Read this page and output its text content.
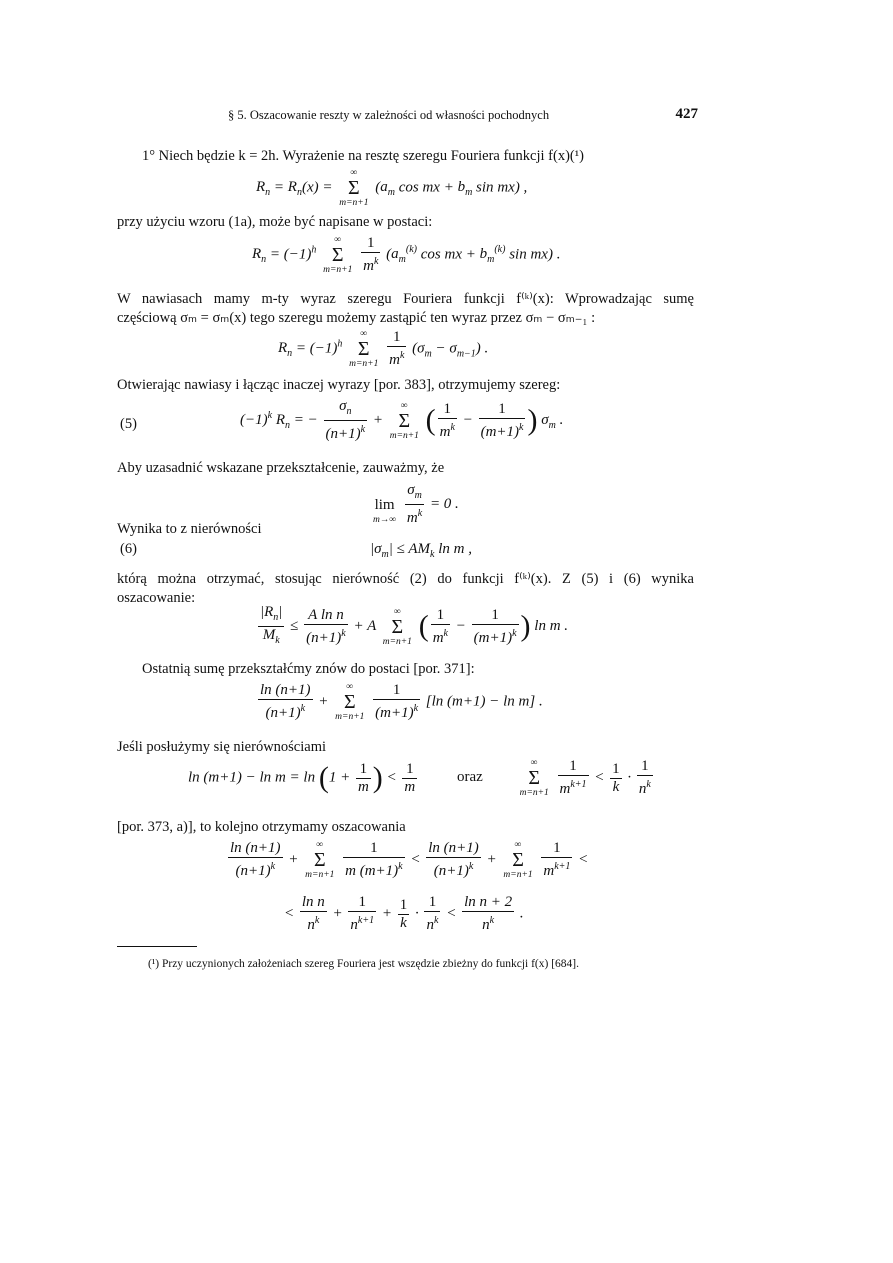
§ 5. Oszacowanie reszty w zależności od własności pochodnych	427
1° Niech będzie k = 2h. Wyrażenie na resztę szeregu Fouriera funkcji f(x)(¹)
$R_n = R_n(x)$ =
∞
Σ
m=n+1
($a_m$ cos mx + $b_m$ sin mx) ,
przy użyciu wzoru (1a), może być napisane w postaci:
$R_n = (-1)^h$
∞
Σ
m=n+1
$\frac{1}{m^k} (a_m^{(k)}$ cos mx + $b_m^{(k)}$ sin mx) .
W nawiasach mamy m-ty wyraz szeregu Fouriera funkcji f⁽ᵏ⁾(x): Wprowadzając sumę
częściową σₘ = σₘ(x) tego szeregu możemy zastąpić ten wyraz przez σₘ − σₘ₋₁ :
$R_n = (-1)^h$
∞
Σ
m=n+1
$\frac{1}{m^k} (\sigma_m - \sigma_{m-1})$ .
Otwierając nawiasy i łącząc inaczej wyrazy [por. 383], otrzymujemy szereg:
(5)	$(-1)^k$ $R_n$ = − $\frac{\sigma_n}{(n+1)^k}$ +
∞
Σ
m=n+1 ( $\frac{1}{m^k} - \frac{1}{(m+1)^k}$ ) $\sigma_m$ .
Aby uzasadnić wskazane przekształcenie, zauważmy, że

lim
m→∞
$\frac{\sigma_m}{m^k} = 0$ .
Wynika to z nierówności
(6)	$|\sigma_m| \le AM_k$ ln m ,
którą można otrzymać, stosując nierówność (2) do funkcji f⁽ᵏ⁾(x). Z (5) i (6) wynika
oszacowanie:
$\frac{|R_n|}{M_k} \le \frac{\text{A ln n}}{(n+1)^k} + A$
∞
Σ
m=n+1 ( $\frac{1}{m^k} - \frac{1}{(m+1)^k}$ ) ln m .
Ostatnią sumę przekształćmy znów do postaci [por. 371]:
$\frac{\ln (n+1)}{(n+1)^k}$ +
∞
Σ
m=n+1
$\frac{1}{(m+1)^k} [\ln$ (m+1) − ln m] .
Jeśli posłużymy się nierównościami
$\ln (m+1) - \ln m = \ln (1 + \frac{1}{m}$ ) < $\frac{1}{m}$	oraz
∞
Σ
m=n+1
$\frac{1}{m^{k+1}} < \frac{1}{k} \cdot \frac{1}{n^k}$
[por. 373, a)], to kolejno otrzymamy oszacowania
$\frac{\ln (n+1)}{(n+1)^k}$ +
∞
Σ
m=n+1
$\frac{1}{m (m+1)^k} < \frac{\ln (n+1)}{(n+1)^k}$ +
∞
Σ
m=n+1
$\frac{1}{m^{k+1}}$ <
< $\frac{\text{ln n}}{n^k} + \frac{1}{n^{k+1}} + \frac{1}{k} \cdot \frac{1}{n^k} < \frac{\text{ln n + 2}}{n^k}$ .
(¹) Przy uczynionych założeniach szereg Fouriera jest wszędzie zbieżny do funkcji f(x) [684].
